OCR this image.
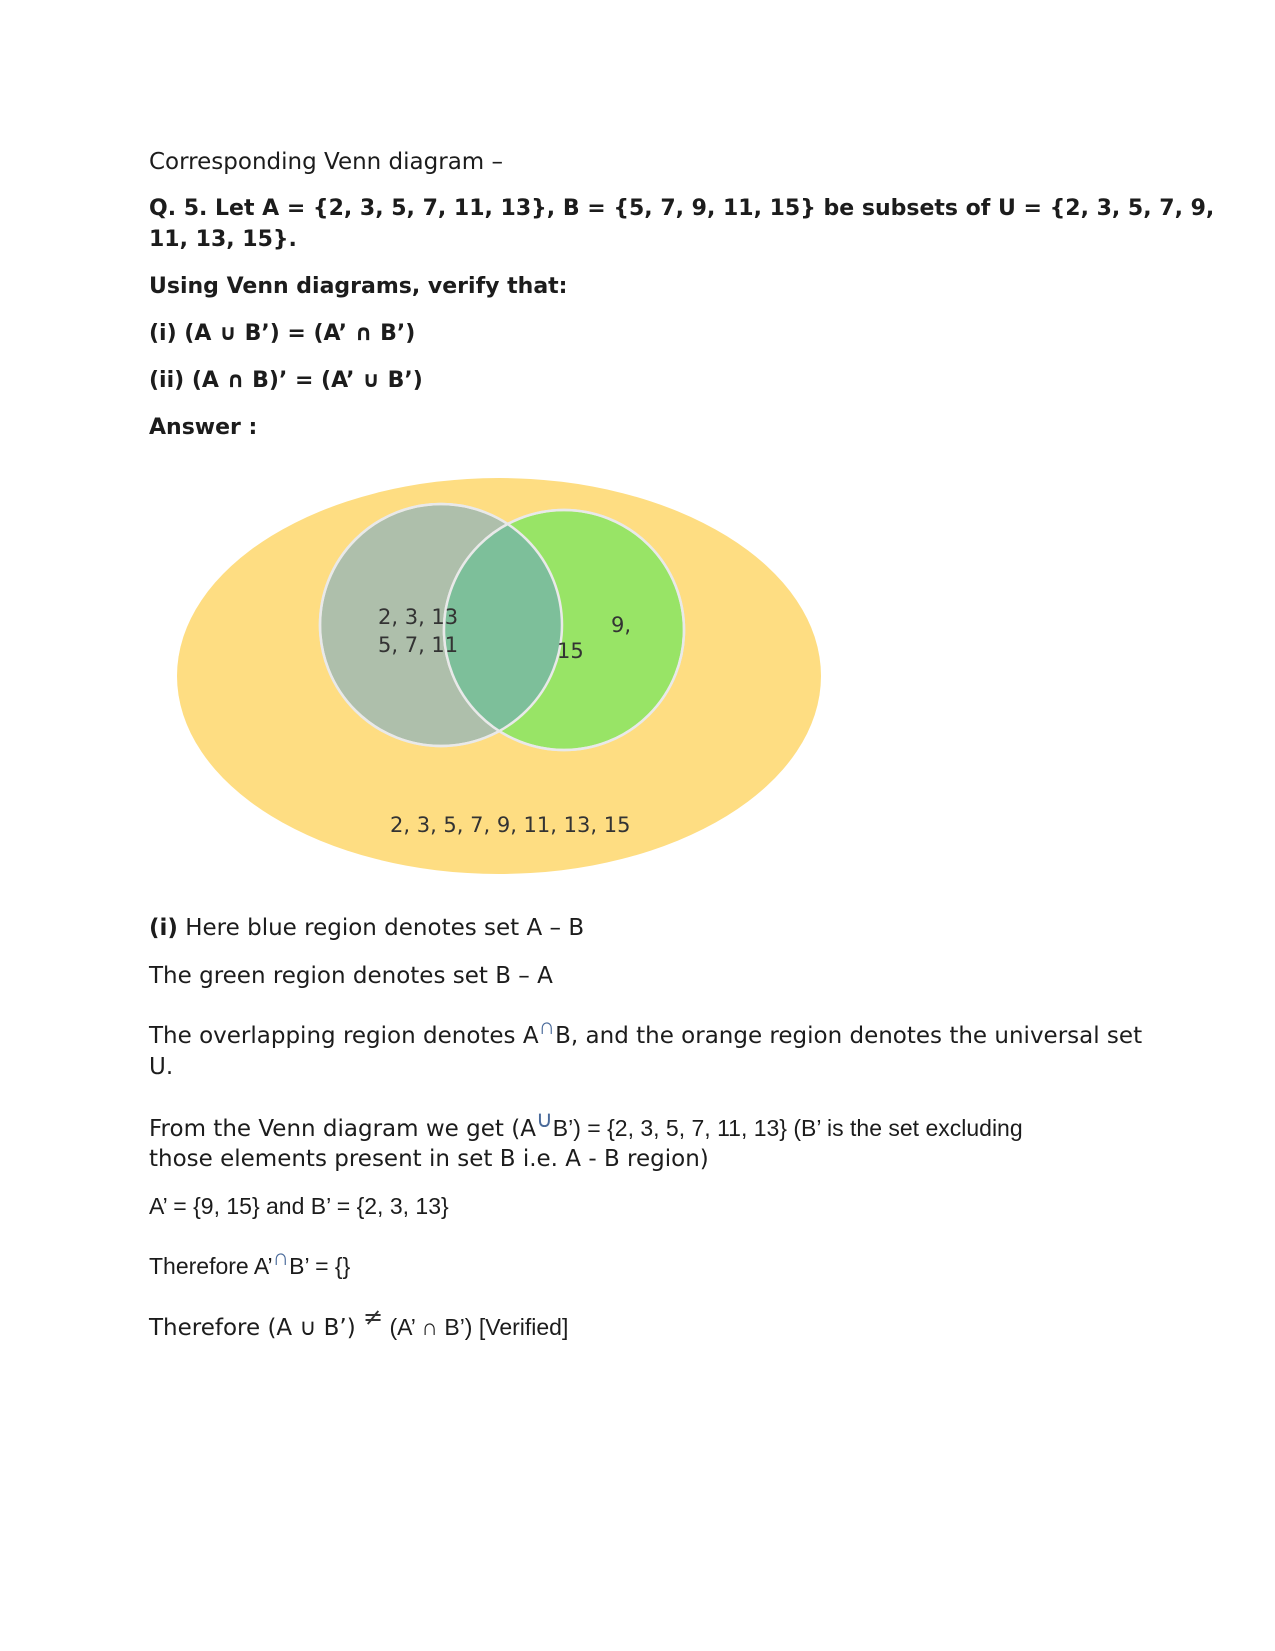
Corresponding Venn diagram –
Q. 5. Let A = {2, 3, 5, 7, 11, 13}, B = {5, 7, 9, 11, 15} be subsets of U = {2, 3, 5, 7, 9,
11, 13, 15}.
Using Venn diagrams, verify that:
(i) (A ∪ B’) = (A’ ∩ B’)
(ii) (A ∩ B)’ = (A’ ∪ B’)
Answer :
2, 3, 13
5, 7, 11
9,
15
2, 3, 5, 7, 9, 11, 13, 15
(i) Here blue region denotes set A – B
The green region denotes set B – A
The overlapping region denotes A∩B, and the orange region denotes the universal set
U.
From the Venn diagram we get (A∪B’) = {2, 3, 5, 7, 11, 13} (B’ is the set excluding
those elements present in set B i.e. A - B region)
A’ = {9, 15} and B’ = {2, 3, 13}
Therefore A’∩B’ = {}
Therefore (A ∪ B’) ≠ (A’ ∩ B’) [Verified]
